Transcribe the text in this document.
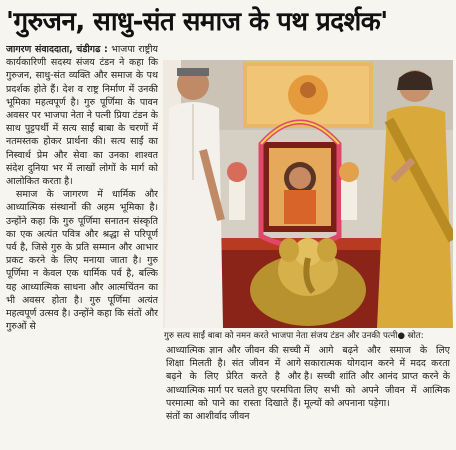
'गुरुजन, साधु-संत समाज के पथ प्रदर्शक'

जागरण संवाददाता, चंडीगढ : भाजपा राष्ट्रीय कार्यकारिणी सदस्य संजय टंडन ने कहा कि गुरुजन, साधु-संत व्यक्ति और समाज के पथ प्रदर्शक होते हैं। देश व राष्ट्र निर्माण में उनकी भूमिका महत्वपूर्ण है। गुरु पूर्णिमा के पावन अवसर पर भाजपा नेता ने पत्नी प्रिया टंडन के साथ पुट्टपर्थी में सत्य साईं बाबा के चरणों में नतमस्तक होकर प्रार्थना की। सत्य साईं का निस्वार्थ प्रेम और सेवा का उनका शाश्वत संदेश दुनिया भर में लाखों लोगों के मार्ग को आलोकित करता है।

समाज के जागरण में धार्मिक और आध्यात्मिक संस्थानों की अहम भूमिका है। उन्होंने कहा कि गुरु पूर्णिमा सनातन संस्कृति का एक अत्यंत पवित्र और श्रद्धा से परिपूर्ण पर्व है, जिसे गुरु के प्रति सम्मान और आभार प्रकट करने के लिए मनाया जाता है। गुरु पूर्णिमा न केवल एक धार्मिक पर्व है, बल्कि यह आध्यात्मिक साधना और आत्मचिंतन का भी अवसर होता है। गुरु पूर्णिमा अत्यंत महत्वपूर्ण उत्सव है। उन्होंने कहा कि संतों और गुरुओं से

गुरु सत्य साईं बाबा को नमन करते भाजपा नेता संजय टंडन और उनकी पत्नी● स्रोत:

आध्यात्मिक ज्ञान और जीवन की सच्ची शिक्षा मिलती है। संत जीवन में आगे बढ़ने के लिए प्रेरित करते है और आध्यात्मिक मार्ग पर चलते हुए परमपिता परमात्मा को पाने का रास्ता दिखाते हैं। संतों का आशीर्वाद जीवन

में आगे बढ़ने और समाज के लिए सकारात्मक योगदान करने में मदद करता है। सच्ची शांति और आनंद प्राप्त करने के लिए सभी को अपने जीवन में आत्मिक मूल्यों को अपनाना पड़ेगा।
